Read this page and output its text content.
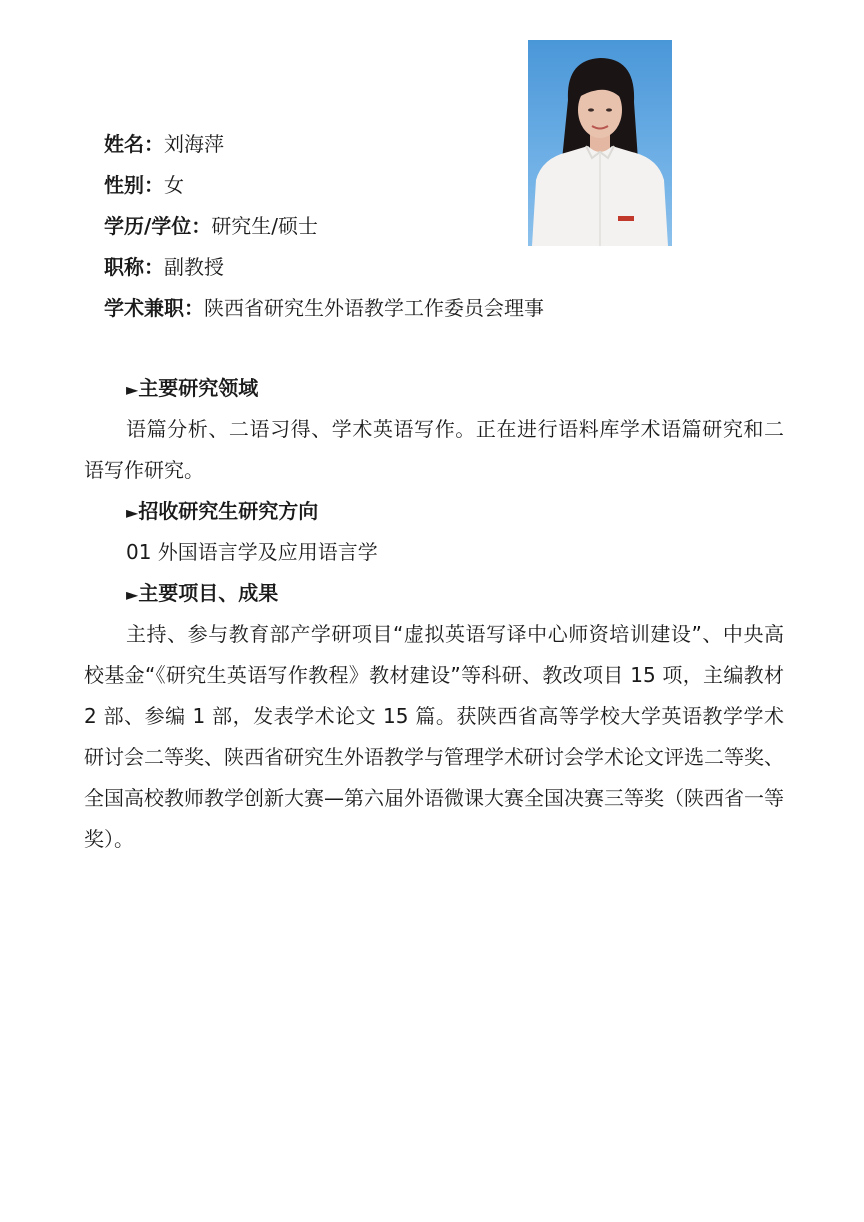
姓名：刘海萍
性别：女
学历/学位：研究生/硕士
职称：副教授
学术兼职：陕西省研究生外语教学工作委员会理事
►主要研究领域
语篇分析、二语习得、学术英语写作。正在进行语料库学术语篇研究和二语写作研究。
►招收研究生研究方向
01 外国语言学及应用语言学
►主要项目、成果
主持、参与教育部产学研项目“虚拟英语写译中心师资培训建设”、中央高校基金“《研究生英语写作教程》教材建设”等科研、教改项目 15 项，主编教材 2 部、参编 1 部，发表学术论文 15 篇。获陕西省高等学校大学英语教学学术研讨会二等奖、陕西省研究生外语教学与管理学术研讨会学术论文评选二等奖、全国高校教师教学创新大赛—第六届外语微课大赛全国决赛三等奖（陕西省一等奖）。
